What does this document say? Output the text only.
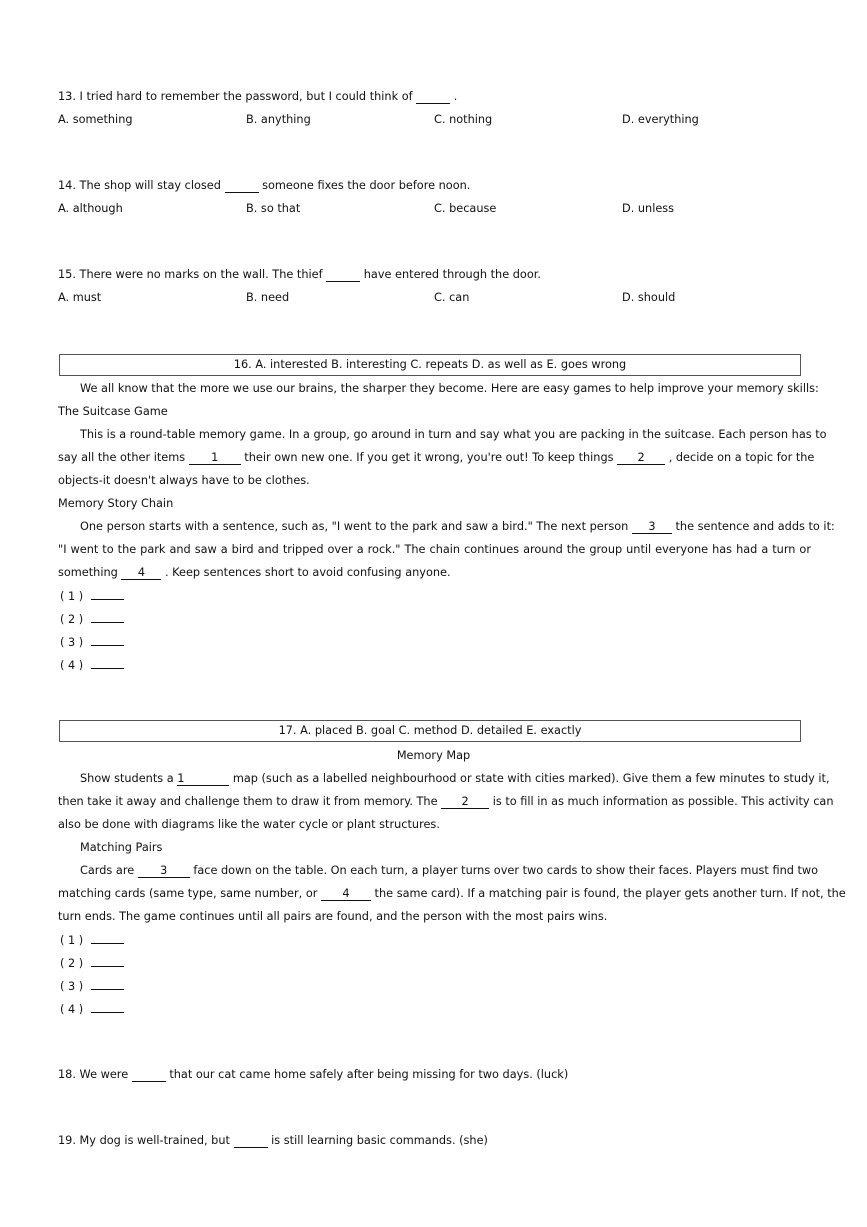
13. I tried hard to remember the password, but I could think of	.
A. something	B. anything	C. nothing	D. everything
14. The shop will stay closed	someone fixes the door before noon.
A. although	B. so that	C. because	D. unless
15. There were no marks on the wall. The thief	have entered through the door.
A. must	B. need	C. can	D. should
16. A. interested B. interesting C. repeats D. as well as E. goes wrong
We all know that the more we use our brains, the sharper they become. Here are easy games to help improve your memory skills:
The Suitcase Game
This is a round-table memory game. In a group, go around in turn and say what you are packing in the suitcase. Each person has to
say all the other items 1 their own new one. If you get it wrong, you're out! To keep things 2 , decide on a topic for the
objects-it doesn't always have to be clothes.
Memory Story Chain
One person starts with a sentence, such as, "I went to the park and saw a bird." The next person 3 the sentence and adds to it:
"I went to the park and saw a bird and tripped over a rock." The chain continues around the group until everyone has had a turn or
something 4 . Keep sentences short to avoid confusing anyone.
( 1 )
( 2 )
( 3 )
( 4 )
17. A. placed B. goal C. method D. detailed E. exactly
Memory Map
Show students a 1	map (such as a labelled neighbourhood or state with cities marked). Give them a few minutes to study it,
then take it away and challenge them to draw it from memory. The 2 is to fill in as much information as possible. This activity can
also be done with diagrams like the water cycle or plant structures.
Matching Pairs
Cards are 3 face down on the table. On each turn, a player turns over two cards to show their faces. Players must find two
matching cards (same type, same number, or 4 the same card). If a matching pair is found, the player gets another turn. If not, the
turn ends. The game continues until all pairs are found, and the person with the most pairs wins.
( 1 )
( 2 )
( 3 )
( 4 )
18. We were	that our cat came home safely after being missing for two days. (luck)
19. My dog is well-trained, but	is still learning basic commands. (she)
